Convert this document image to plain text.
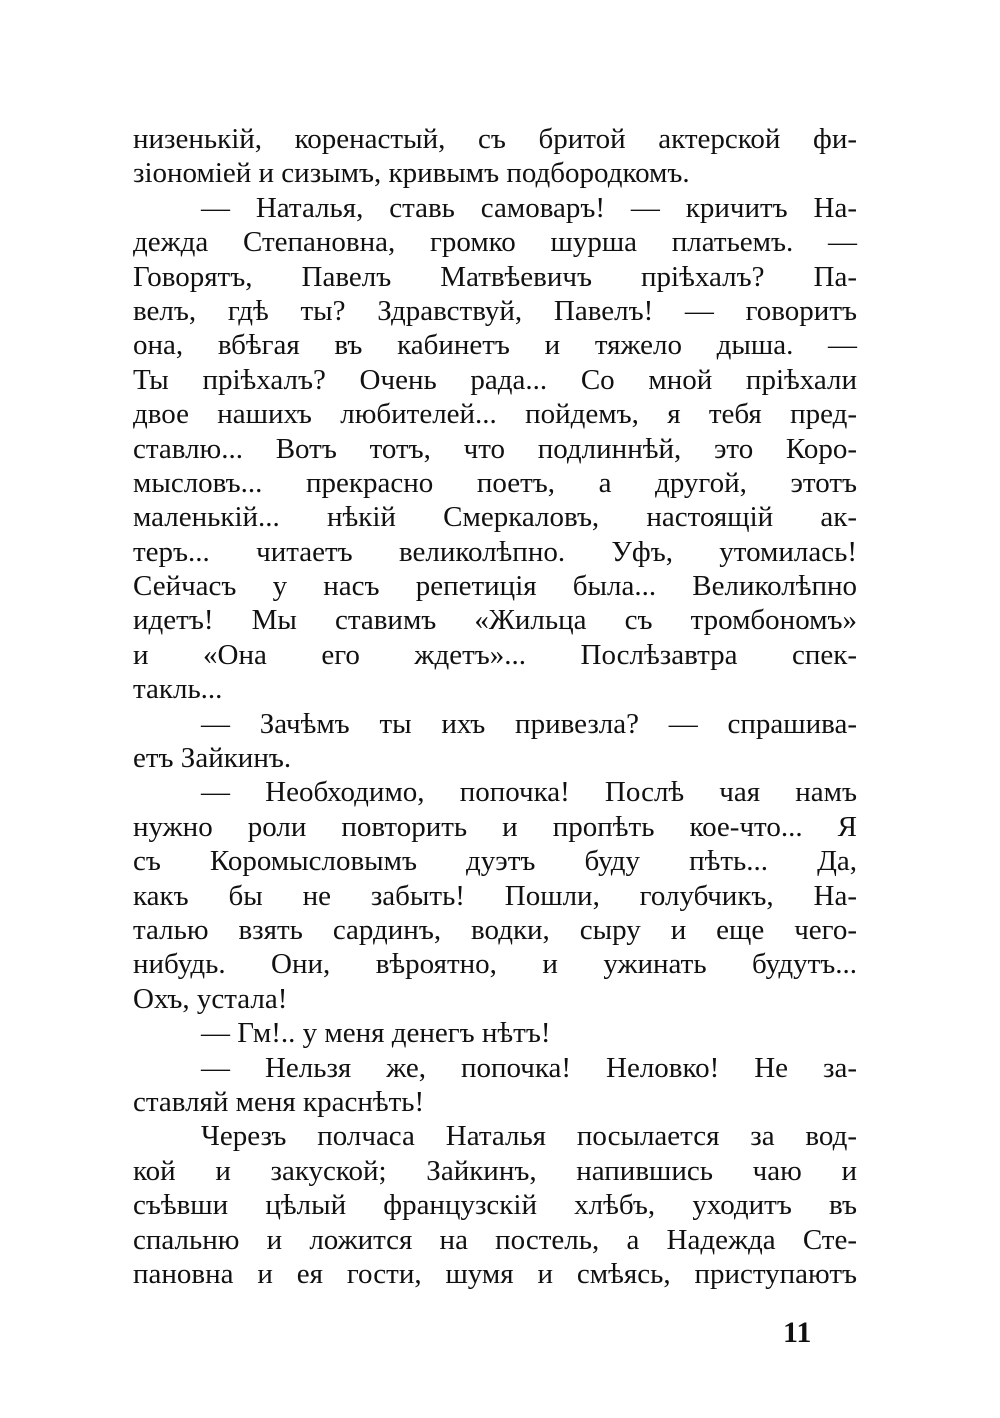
низенькій, коренастый, съ бритой актерской фи-
зіономіей и сизымъ, кривымъ подбородкомъ.
— Наталья, ставь самоваръ! — кричитъ На-
дежда Степановна, громко шурша платьемъ. —
Говорятъ, Павелъ Матвѣевичъ пріѣхалъ? Па-
велъ, гдѣ ты? Здравствуй, Павелъ! — говоритъ
она, вбѣгая въ кабинетъ и тяжело дыша. —
Ты пріѣхалъ? Очень рада... Со мной пріѣхали
двое нашихъ любителей... пойдемъ, я тебя пред-
ставлю... Вотъ тотъ, что подлиннѣй, это Коро-
мысловъ... прекрасно поетъ, а другой, этотъ
маленькій... нѣкій Смеркаловъ, настоящій ак-
теръ... читаетъ великолѣпно. Уфъ, утомилась!
Сейчасъ у насъ репетиція была... Великолѣпно
идетъ! Мы ставимъ «Жильца съ тромбономъ»
и «Она его ждетъ»... Послѣзавтра спек-
такль...
— Зачѣмъ ты ихъ привезла? — спрашива-
етъ Зайкинъ.
— Необходимо, попочка! Послѣ чая намъ
нужно роли повторить и пропѣть кое-что... Я
съ Коромысловымъ дуэтъ буду пѣть... Да,
какъ бы не забыть! Пошли, голубчикъ, На-
талью взять сардинъ, водки, сыру и еще чего-
нибудь. Они, вѣроятно, и ужинать будутъ...
Охъ, устала!
— Гм!.. у меня денегъ нѣтъ!
— Нельзя же, попочка! Неловко! Не за-
ставляй меня краснѣть!
Черезъ полчаса Наталья посылается за вод-
кой и закуской; Зайкинъ, напившись чаю и
съѣвши цѣлый французскій хлѣбъ, уходитъ въ
спальню и ложится на постель, а Надежда Сте-
пановна и ея гости, шумя и смѣясь, приступаютъ
11
